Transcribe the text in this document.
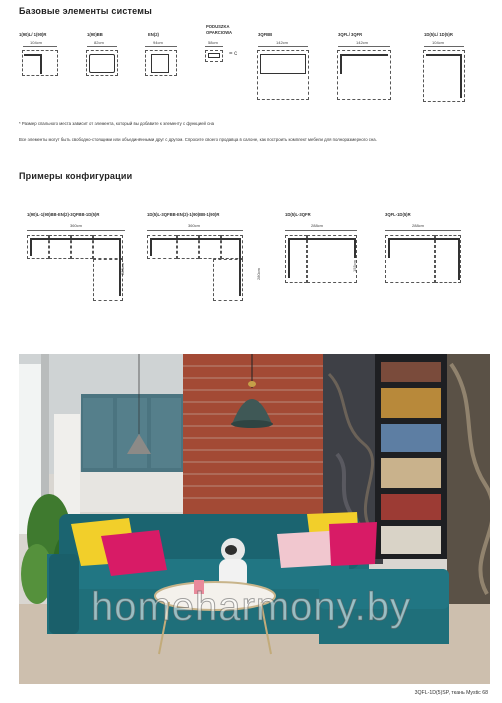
Базовые элементы системы
1(90)L/ 1(90)R
104cm
1(90)BB
82cm
EN(2)
94cm
PODUSZKA OPARCIOWA
58cm
= c
3QFBB
142cm
3QFL/ 3QFR
142cm
1D(5)L/ 1D(5)R
104cm
* Размер спального места зависит от элемента, который вы добавите к элементу с функцией сна
Все элементы могут быть свободно-стоящими или объединёнными друг с другом. Спросите своего продавца в салоне, как построить комплект мебели для полноразмерного сна.
Примеры конфигурации
1(90)L-1(90)BB-EN(2)-3QFBB-1D(5)R
360cm
280cm
1D(5)L-3QFBB-EN(2)-1(90)BB-1(90)R
360cm
280cm
1D(5)L-3QFR
288cm
155cm
3QFL-1D(5)R
288cm
homeharmony.by
3QFL-1D(5)SP, ткань Mystic 68
